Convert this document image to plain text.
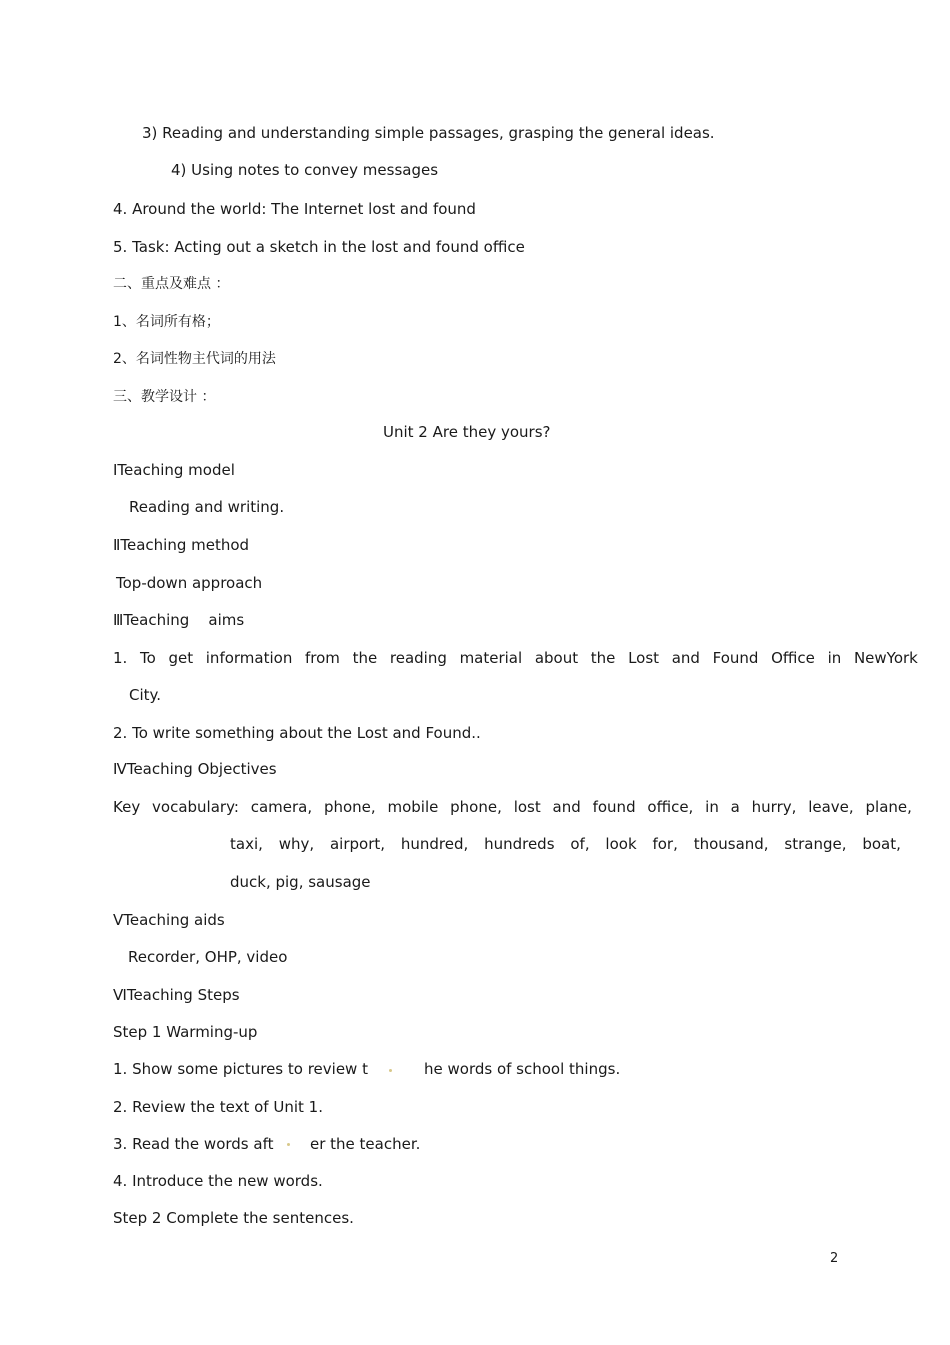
3) Reading and understanding simple passages, grasping the general ideas.
4) Using notes to convey messages
4. Around the world: The Internet lost and found
5. Task: Acting out a sketch in the lost and found office
二、重点及难点 ：
1、名词所有格；
2、名词性物主代词的用法
三、教学设计 ：
Unit 2 Are they yours?
ⅠTeaching model
Reading and writing.
ⅡTeaching method
Top-down approach
ⅢTeaching    aims
1. To get information from the reading material about the Lost and Found Office in NewYork
City.
2. To write something about the Lost and Found..
ⅣTeaching Objectives
Key vocabulary: camera, phone, mobile phone, lost and found office, in a hurry, leave, plane,
taxi, why, airport, hundred, hundreds of, look for, thousand, strange, boat,
duck, pig, sausage
ⅤTeaching aids
Recorder, OHP, video
ⅥTeaching Steps
Step 1 Warming-up
1. Show some pictures to review t	he words of school things.
2. Review the text of Unit 1.
3. Read the words aft er the teacher.
4. Introduce the new words.
Step 2 Complete the sentences.
2
